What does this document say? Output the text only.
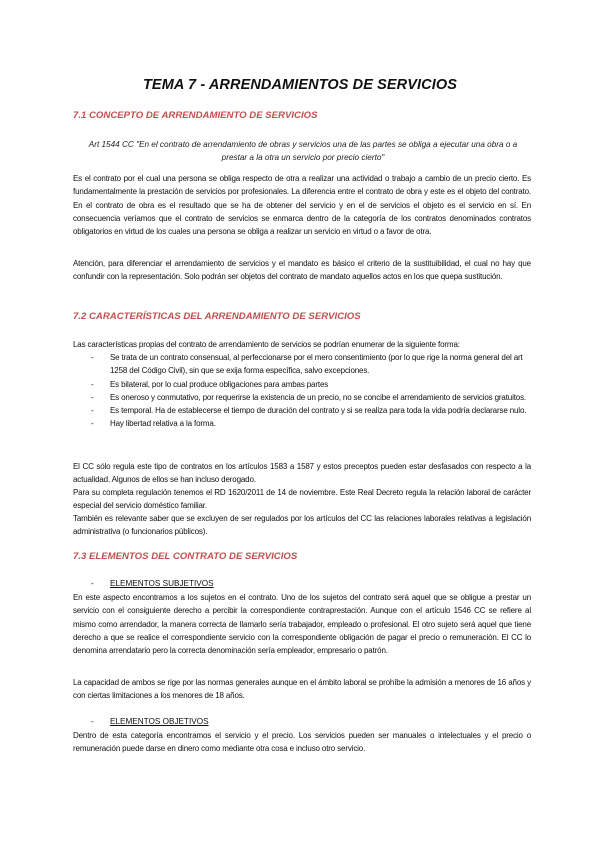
TEMA 7 - ARRENDAMIENTOS DE SERVICIOS
7.1 CONCEPTO DE ARRENDAMIENTO DE SERVICIOS
Art 1544 CC "En el contrato de arrendamiento de obras y servicios una de las partes se obliga a ejecutar una obra o a prestar a la otra un servicio por precio cierto"

Es el contrato por el cual una persona se obliga respecto de otra a realizar una actividad o trabajo a cambio de un precio cierto. Es fundamentalmente la prestación de servicios por profesionales. La diferencia entre el contrato de obra y este es el objeto del contrato. En el contrato de obra es el resultado que se ha de obtener del servicio y en el de servicios el objeto es el servicio en sí. En consecuencia veríamos que el contrato de servicios se enmarca dentro de la categoría de los contratos denominados contratos obligatorios en virtud de los cuales una persona se obliga a realizar un servicio en virtud o a favor de otra.

Atención, para diferenciar el arrendamiento de servicios y el mandato es básico el criterio de la sustituibilidad, el cual no hay que confundir con la representación. Solo podrán ser objetos del contrato de mandato aquellos actos en los que quepa sustitución.

7.2 CARACTERÍSTICAS DEL ARRENDAMIENTO DE SERVICIOS

Las características propias del contrato de arrendamiento de servicios se podrían enumerar de la siguiente forma:

- Se trata de un contrato consensual, al perfeccionarse por el mero consentimiento (por lo que rige la norma general del art 1258 del Código Civil), sin que se exija forma específica, salvo excepciones.
- Es bilateral, por lo cual produce obligaciones para ambas partes
- Es oneroso y conmutativo, por requerirse la existencia de un precio, no se concibe el arrendamiento de servicios gratuitos.
- Es temporal. Ha de establecerse el tiempo de duración del contrato y si se realiza para toda la vida podría declararse nulo.
- Hay libertad relativa a la forma.

El CC sólo regula este tipo de contratos en los artículos 1583 a 1587 y estos preceptos pueden estar desfasados con respecto a la actualidad. Algunos de ellos se han incluso derogado.

Para su completa regulación tenemos el RD 1620/2011 de 14 de noviembre. Este Real Decreto regula la relación laboral de carácter especial del servicio doméstico familiar.

También es relevante saber que se excluyen de ser regulados por los artículos del CC las relaciones laborales relativas a legislación administrativa (o funcionarios públicos).

7.3 ELEMENTOS DEL CONTRATO DE SERVICIOS
- ELEMENTOS SUBJETIVOS

En este aspecto encontramos a los sujetos en el contrato. Uno de los sujetos del contrato será aquel que se obligue a prestar un servicio con el consiguiente derecho a percibir la correspondiente contraprestación. Aunque con el artículo 1546 CC se refiere al mismo como arrendador, la manera correcta de llamarlo sería trabajador, empleado o profesional. El otro sujeto será aquel que tiene derecho a que se realice el correspondiente servicio con la correspondiente obligación de pagar el precio o remuneración. El CC lo denomina arrendatario pero la correcta denominación sería empleador, empresario o patrón.

La capacidad de ambos se rige por las normas generales aunque en el ámbito laboral se prohíbe la admisión a menores de 16 años y con ciertas limitaciones a los menores de 18 años.

- ELEMENTOS OBJETIVOS

Dentro de esta categoría encontramos el servicio y el precio. Los servicios pueden ser manuales o intelectuales y el precio o remuneración puede darse en dinero como mediante otra cosa e incluso otro servicio.
